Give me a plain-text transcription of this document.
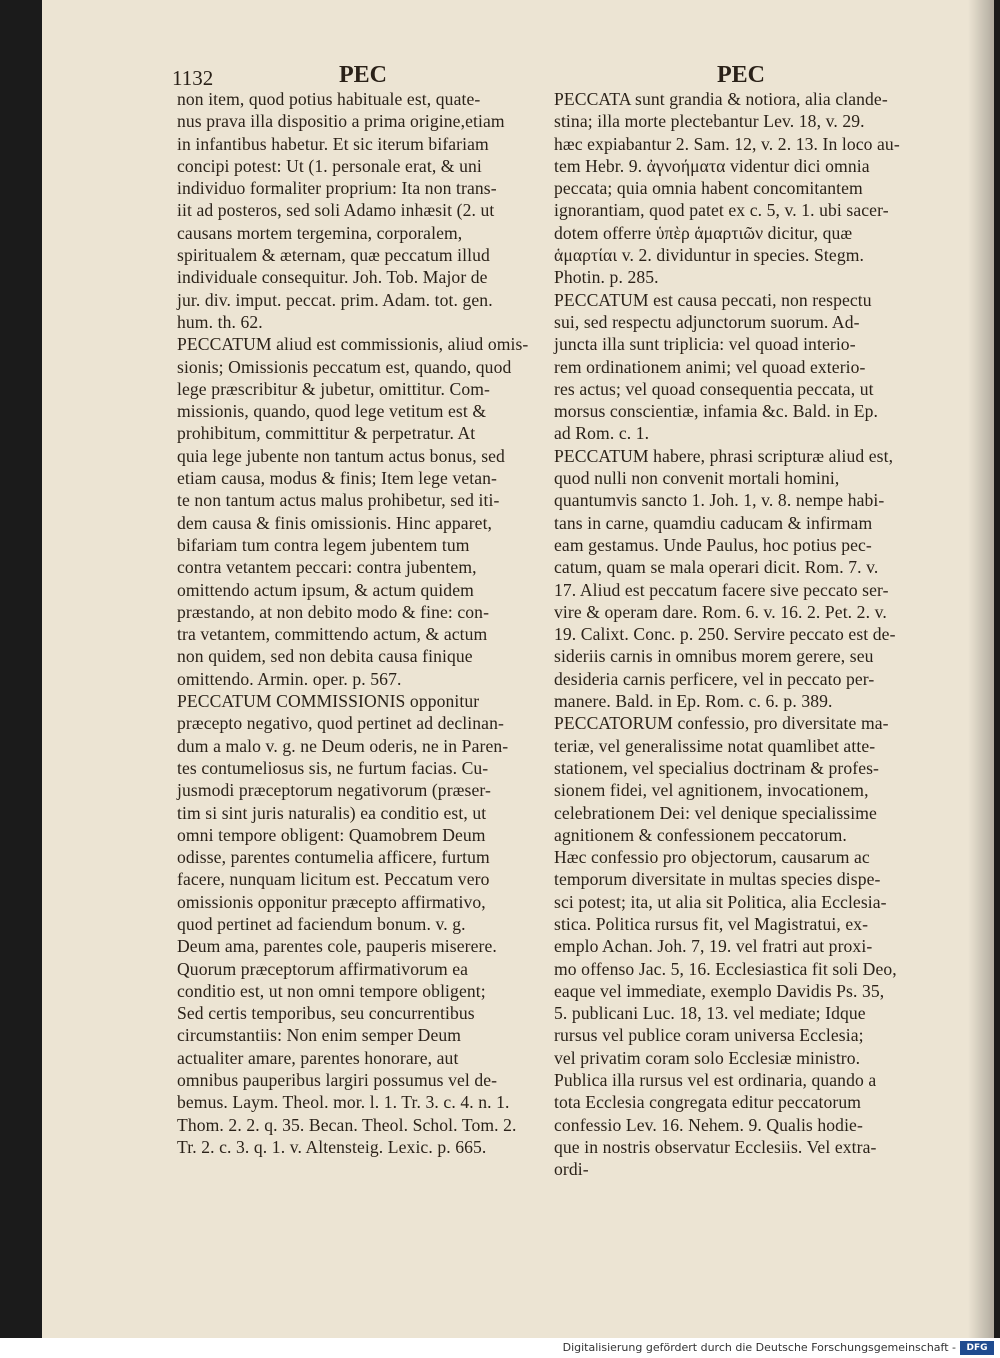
1132	PEC	PEC
non item, quod potius habituale est, quate-
nus prava illa dispositio a prima origine,etiam
in infantibus habetur. Et sic iterum bifariam
concipi potest: Ut (1. personale erat, & uni
individuo formaliter proprium: Ita non trans-
iit ad posteros, sed soli Adamo inhæsit (2. ut
causans mortem tergemina, corporalem,
spiritualem & æternam, quæ peccatum illud
individuale consequitur. Joh. Tob. Major de
jur. div. imput. peccat. prim. Adam. tot. gen.
hum. th. 62.
PECCATUM aliud est commissionis, aliud omis-
sionis; Omissionis peccatum est, quando, quod
lege præscribitur & jubetur, omittitur. Com-
missionis, quando, quod lege vetitum est &
prohibitum, committitur & perpetratur. At
quia lege jubente non tantum actus bonus, sed
etiam causa, modus & finis; Item lege vetan-
te non tantum actus malus prohibetur, sed iti-
dem causa & finis omissionis. Hinc apparet,
bifariam tum contra legem jubentem tum
contra vetantem peccari: contra jubentem,
omittendo actum ipsum, & actum quidem
præstando, at non debito modo & fine: con-
tra vetantem, committendo actum, & actum
non quidem, sed non debita causa finique
omittendo. Armin. oper. p. 567.
PECCATUM COMMISSIONIS opponitur
præcepto negativo, quod pertinet ad declinan-
dum a malo v. g. ne Deum oderis, ne in Paren-
tes contumeliosus sis, ne furtum facias. Cu-
jusmodi præceptorum negativorum (præser-
tim si sint juris naturalis) ea conditio est, ut
omni tempore obligent: Quamobrem Deum
odisse, parentes contumelia afficere, furtum
facere, nunquam licitum est. Peccatum vero
omissionis opponitur præcepto affirmativo,
quod pertinet ad faciendum bonum. v. g.
Deum ama, parentes cole, pauperis miserere.
Quorum præceptorum affirmativorum ea
conditio est, ut non omni tempore obligent;
Sed certis temporibus, seu concurrentibus
circumstantiis: Non enim semper Deum
actualiter amare, parentes honorare, aut
omnibus pauperibus largiri possumus vel de-
bemus. Laym. Theol. mor. l. 1. Tr. 3. c. 4. n. 1.
Thom. 2. 2. q. 35. Becan. Theol. Schol. Tom. 2.
Tr. 2. c. 3. q. 1. v. Altensteig. Lexic. p. 665.
PECCATA sunt grandia & notiora, alia clande-
stina; illa morte plectebantur Lev. 18, v. 29.
hæc expiabantur 2. Sam. 12, v. 2. 13. In loco au-
tem Hebr. 9. ἀγνοήματα videntur dici omnia
peccata; quia omnia habent concomitantem
ignorantiam, quod patet ex c. 5, v. 1. ubi sacer-
dotem offerre ὑπὲρ ἁμαρτιῶν dicitur, quæ
ἁμαρτίαι v. 2. dividuntur in species. Stegm.
Photin. p. 285.
PECCATUM est causa peccati, non respectu
sui, sed respectu adjunctorum suorum. Ad-
juncta illa sunt triplicia: vel quoad interio-
rem ordinationem animi; vel quoad exterio-
res actus; vel quoad consequentia peccata, ut
morsus conscientiæ, infamia &c. Bald. in Ep.
ad Rom. c. 1.
PECCATUM habere, phrasi scripturæ aliud est,
quod nulli non convenit mortali homini,
quantumvis sancto 1. Joh. 1, v. 8. nempe habi-
tans in carne, quamdiu caducam & infirmam
eam gestamus. Unde Paulus, hoc potius pec-
catum, quam se mala operari dicit. Rom. 7. v.
17. Aliud est peccatum facere sive peccato ser-
vire & operam dare. Rom. 6. v. 16. 2. Pet. 2. v.
19. Calixt. Conc. p. 250. Servire peccato est de-
sideriis carnis in omnibus morem gerere, seu
desideria carnis perficere, vel in peccato per-
manere. Bald. in Ep. Rom. c. 6. p. 389.
PECCATORUM confessio, pro diversitate ma-
teriæ, vel generalissime notat quamlibet atte-
stationem, vel specialius doctrinam & profes-
sionem fidei, vel agnitionem, invocationem,
celebrationem Dei: vel denique specialissime
agnitionem & confessionem peccatorum.
Hæc confessio pro objectorum, causarum ac
temporum diversitate in multas species dispe-
sci potest; ita, ut alia sit Politica, alia Ecclesia-
stica. Politica rursus fit, vel Magistratui, ex-
emplo Achan. Joh. 7, 19. vel fratri aut proxi-
mo offenso Jac. 5, 16. Ecclesiastica fit soli Deo,
eaque vel immediate, exemplo Davidis Ps. 35,
5. publicani Luc. 18, 13. vel mediate; Idque
rursus vel publice coram universa Ecclesia;
vel privatim coram solo Ecclesiæ ministro.
Publica illa rursus vel est ordinaria, quando a
tota Ecclesia congregata editur peccatorum
confessio Lev. 16. Nehem. 9. Qualis hodie-
que in nostris observatur Ecclesiis. Vel extra-
ordi-
Digitalisierung gefördert durch die Deutsche Forschungsgemeinschaft -	DFG
